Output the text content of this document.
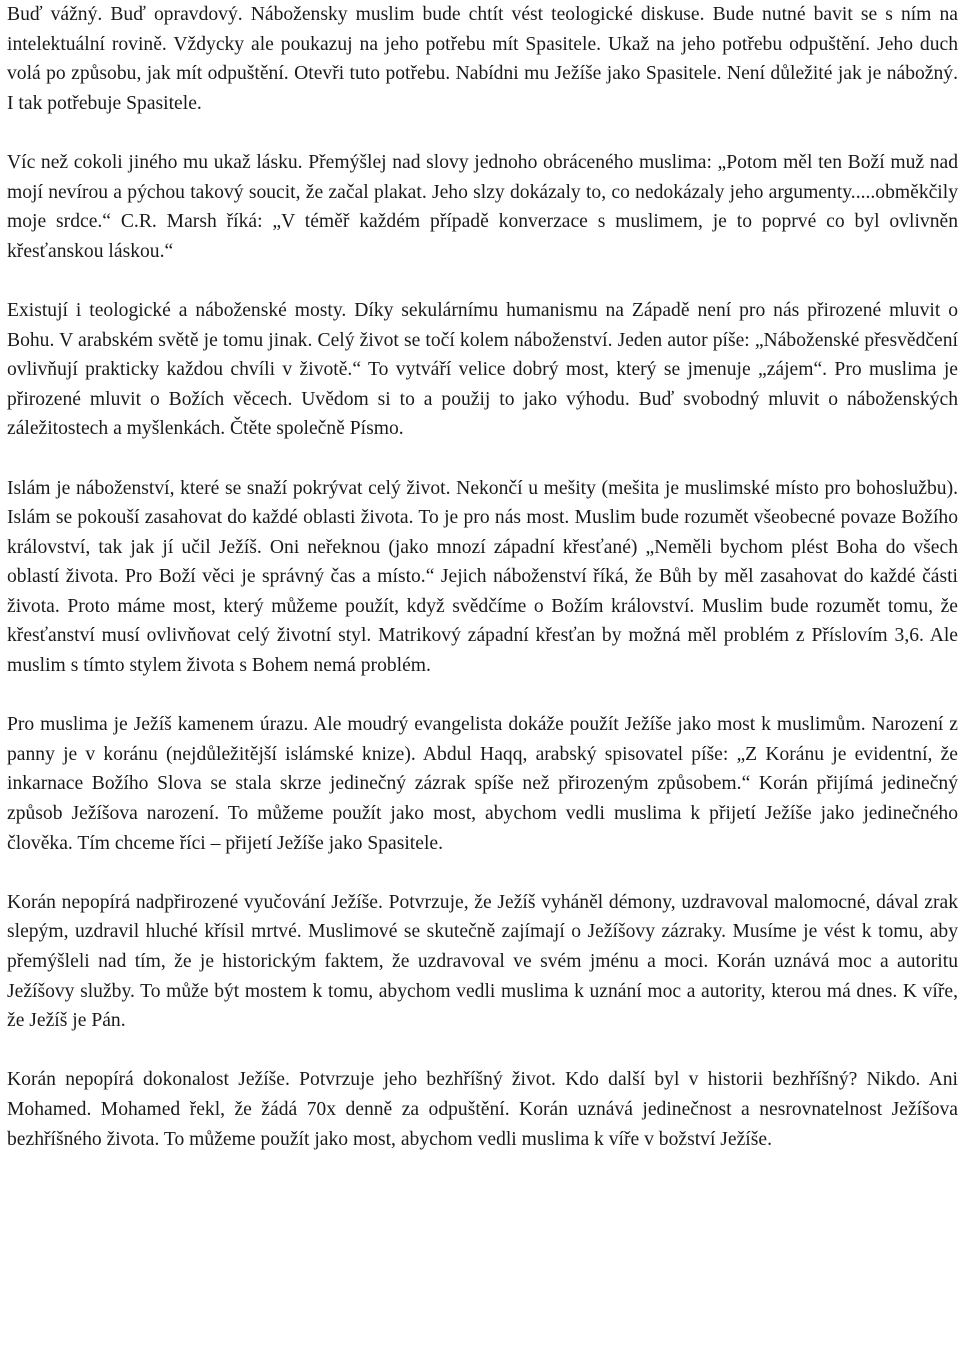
Buď vážný. Buď opravdový. Nábožensky muslim bude chtít vést teologické diskuse. Bude nutné bavit se s ním na intelektuální rovině. Vždycky ale poukazuj na jeho potřebu mít Spasitele. Ukaž na jeho potřebu odpuštění. Jeho duch volá po způsobu, jak mít odpuštění. Otevři tuto potřebu. Nabídni mu Ježíše jako Spasitele. Není důležité jak je nábožný. I tak potřebuje Spasitele.

Víc než cokoli jiného mu ukaž lásku. Přemýšlej nad slovy jednoho obráceného muslima: „Potom měl ten Boží muž nad mojí nevírou a pýchou takový soucit, že začal plakat. Jeho slzy dokázaly to, co nedokázaly jeho argumenty.....obměkčily moje srdce.“ C.R. Marsh říká: „V téměř každém případě konverzace s muslimem, je to poprvé co byl ovlivněn křesťanskou láskou.“

Existují i teologické a náboženské mosty. Díky sekulárnímu humanismu na Západě není pro nás přirozené mluvit o Bohu. V arabském světě je tomu jinak. Celý život se točí kolem náboženství. Jeden autor píše: „Náboženské přesvědčení ovlivňují prakticky každou chvíli v životě.“ To vytváří velice dobrý most, který se jmenuje „zájem“. Pro muslima je přirozené mluvit o Božích věcech. Uvědom si to a použij to jako výhodu. Buď svobodný mluvit o náboženských záležitostech a myšlenkách. Čtěte společně Písmo.

Islám je náboženství, které se snaží pokrývat celý život. Nekončí u mešity (mešita je muslimské místo pro bohoslužbu). Islám se pokouší zasahovat do každé oblasti života. To je pro nás most. Muslim bude rozumět všeobecné povaze Božího království, tak jak jí učil Ježíš. Oni neřeknou (jako mnozí západní křesťané) „Neměli bychom plést Boha do všech oblastí života. Pro Boží věci je správný čas a místo.“ Jejich náboženství říká, že Bůh by měl zasahovat do každé části života. Proto máme most, který můžeme použít, když svědčíme o Božím království. Muslim bude rozumět tomu, že křesťanství musí ovlivňovat celý životní styl. Matrikový západní křesťan by možná měl problém z Příslovím 3,6. Ale muslim s tímto stylem života s Bohem nemá problém.

Pro muslima je Ježíš kamenem úrazu. Ale moudrý evangelista dokáže použít Ježíše jako most k muslimům. Narození z panny je v koránu (nejdůležitější islámské knize). Abdul Haqq, arabský spisovatel píše: „Z Koránu je evidentní, že inkarnace Božího Slova se stala skrze jedinečný zázrak spíše než přirozeným způsobem.“ Korán přijímá jedinečný způsob Ježíšova narození. To můžeme použít jako most, abychom vedli muslima k přijetí Ježíše jako jedinečného člověka. Tím chceme říci – přijetí Ježíše jako Spasitele.

Korán nepopírá nadpřirozené vyučování Ježíše. Potvrzuje, že Ježíš vyháněl démony, uzdravoval malomocné, dával zrak slepým, uzdravil hluché křísil mrtvé. Muslimové se skutečně zajímají o Ježíšovy zázraky. Musíme je vést k tomu, aby přemýšleli nad tím, že je historickým faktem, že uzdravoval ve svém jménu a moci. Korán uznává moc a autoritu Ježíšovy služby. To může být mostem k tomu, abychom vedli muslima k uznání moc a autority, kterou má dnes. K víře, že Ježíš je Pán.

Korán nepopírá dokonalost Ježíše. Potvrzuje jeho bezhříšný život. Kdo další byl v historii bezhříšný? Nikdo. Ani Mohamed. Mohamed řekl, že žádá 70x denně za odpuštění. Korán uznává jedinečnost a nesrovnatelnost Ježíšova bezhříšného života. To můžeme použít jako most, abychom vedli muslima k víře v božství Ježíše.
